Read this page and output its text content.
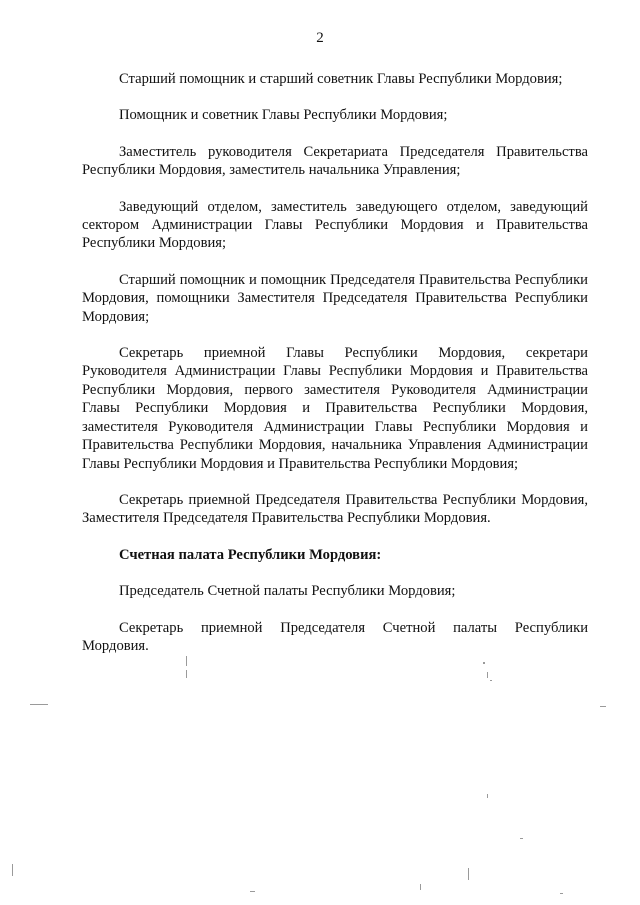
2

Старший помощник и старший советник Главы Республики Мордовия;

Помощник и советник Главы Республики Мордовия;

Заместитель руководителя Секретариата Председателя Правительства Республики Мордовия, заместитель начальника Управления;

Заведующий отделом, заместитель заведующего отделом, заведующий сектором Администрации Главы Республики Мордовия и Правительства Республики Мордовия;

Старший помощник и помощник Председателя Правительства Республики Мордовия, помощники Заместителя Председателя Правительства Республики Мордовия;

Секретарь приемной Главы Республики Мордовия, секретари Руководителя Администрации Главы Республики Мордовия и Правительства Республики Мордовия, первого заместителя Руководителя Администрации Главы Республики Мордовия и Правительства Республики Мордовия, заместителя Руководителя Администрации Главы Республики Мордовия и Правительства Республики Мордовия, начальника Управления Администрации Главы Республики Мордовия и Правительства Республики Мордовия;

Секретарь приемной Председателя Правительства Республики Мордовия, Заместителя Председателя Правительства Республики Мордовия.

Счетная палата Республики Мордовия:

Председатель Счетной палаты Республики Мордовия;

Секретарь приемной Председателя Счетной палаты Республики Мордовия.
